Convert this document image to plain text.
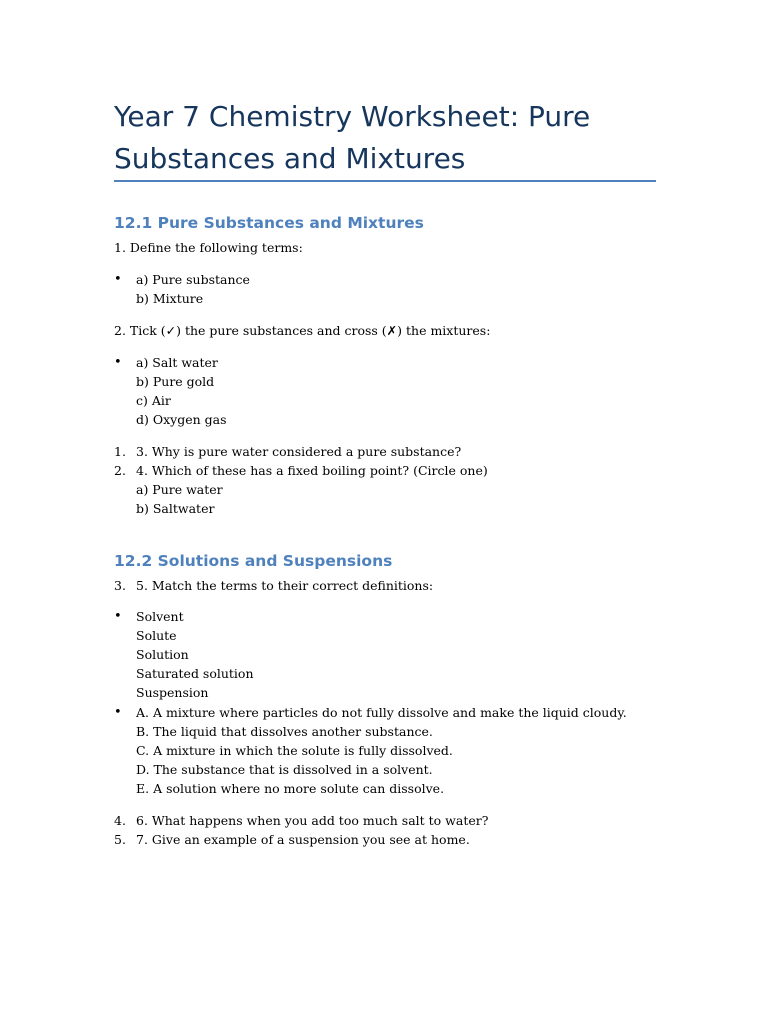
Year 7 Chemistry Worksheet: Pure
Substances and Mixtures
12.1 Pure Substances and Mixtures
1. Define the following terms:
• a) Pure substance
b) Mixture
2. Tick (✓) the pure substances and cross (✗) the mixtures:
• a) Salt water
b) Pure gold
c) Air
d) Oxygen gas
1. 3. Why is pure water considered a pure substance?
2. 4. Which of these has a fixed boiling point? (Circle one)
a) Pure water
b) Saltwater
12.2 Solutions and Suspensions
3. 5. Match the terms to their correct definitions:
• Solvent
Solute
Solution
Saturated solution
Suspension
• A. A mixture where particles do not fully dissolve and make the liquid cloudy.
B. The liquid that dissolves another substance.
C. A mixture in which the solute is fully dissolved.
D. The substance that is dissolved in a solvent.
E. A solution where no more solute can dissolve.
4. 6. What happens when you add too much salt to water?
5. 7. Give an example of a suspension you see at home.
